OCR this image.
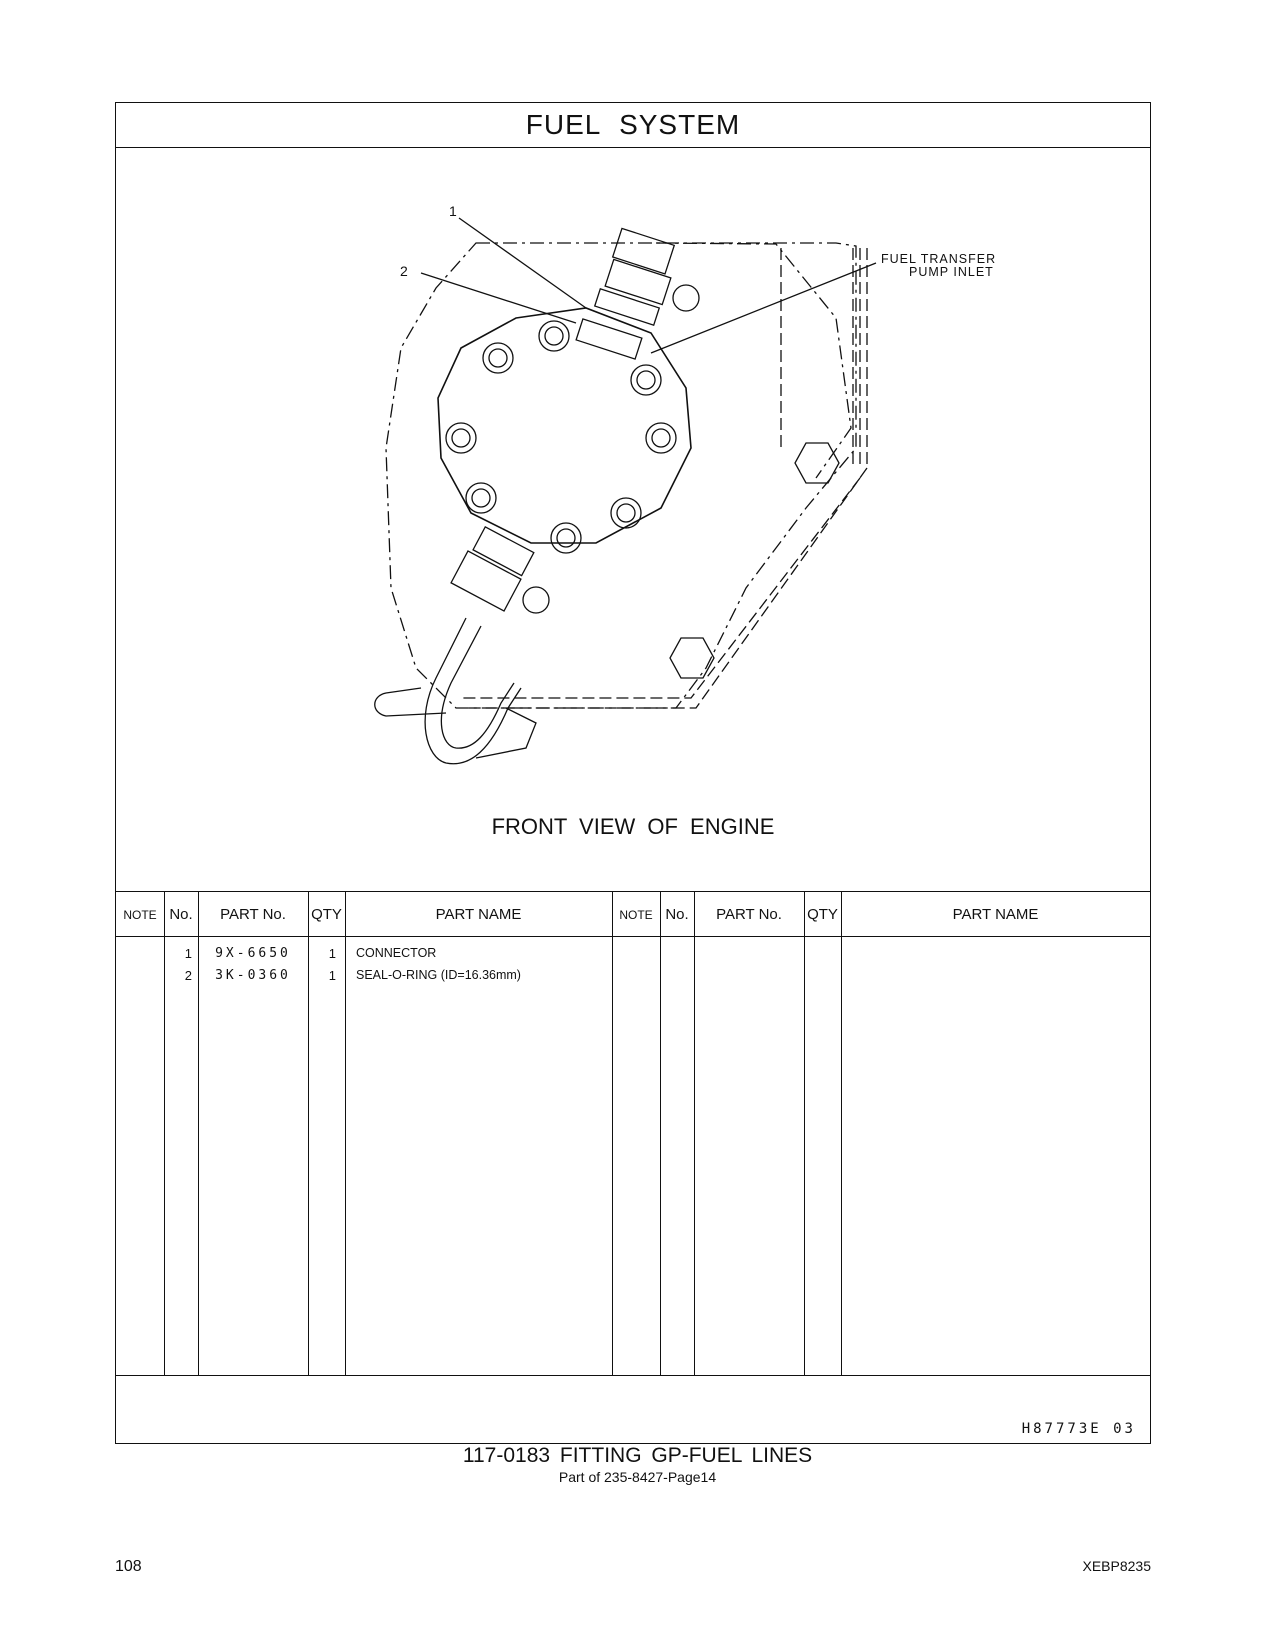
FUEL SYSTEM
1
2
FUEL TRANSFER
PUMP INLET
FRONT VIEW OF ENGINE
NOTE No.	PART No.	QTY	PART NAME	NOTE No.	PART No.	QTY	PART NAME
1	9X-6650	1 CONNECTOR
2	3K-0360	1 SEAL-O-RING (ID=16.36mm)
H87773E 03
117-0183 FITTING GP-FUEL LINES
Part of 235-8427-Page14
108	XEBP8235
